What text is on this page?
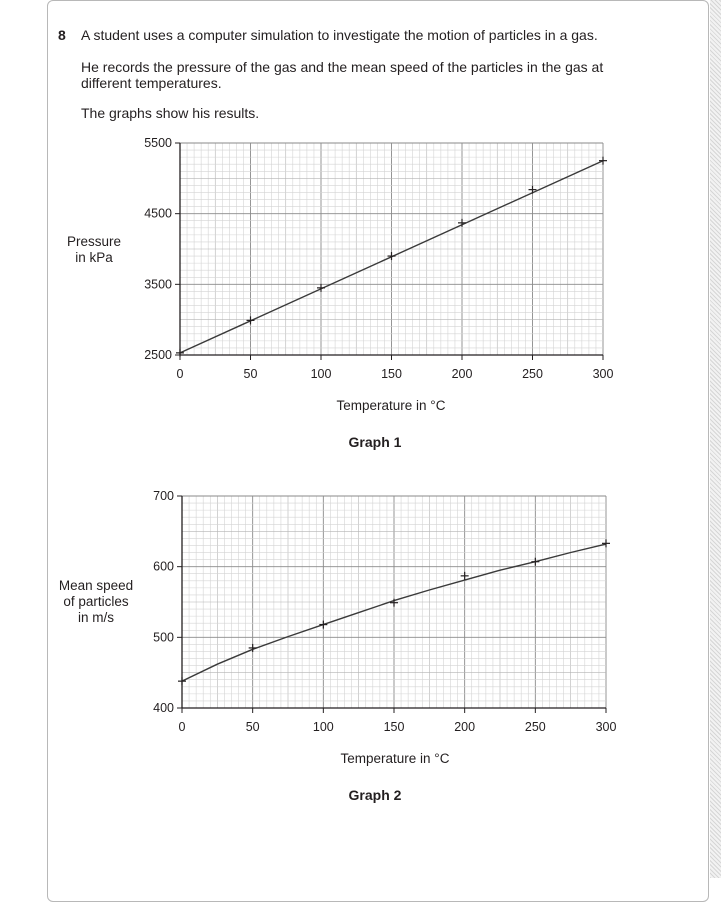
8 A student uses a computer simulation to investigate the motion of particles in a gas.
He records the pressure of the gas and the mean speed of the particles in the gas at
different temperatures.
The graphs show his results.
Pressure
in kPa
Temperature in °C
Graph 1
Mean speed
of particles
in m/s
Temperature in °C
Graph 2
0	50	100	150	200	250	300
2500
3500
4500
5500
0	50	100	150	200	250	300
400
500
600
700
